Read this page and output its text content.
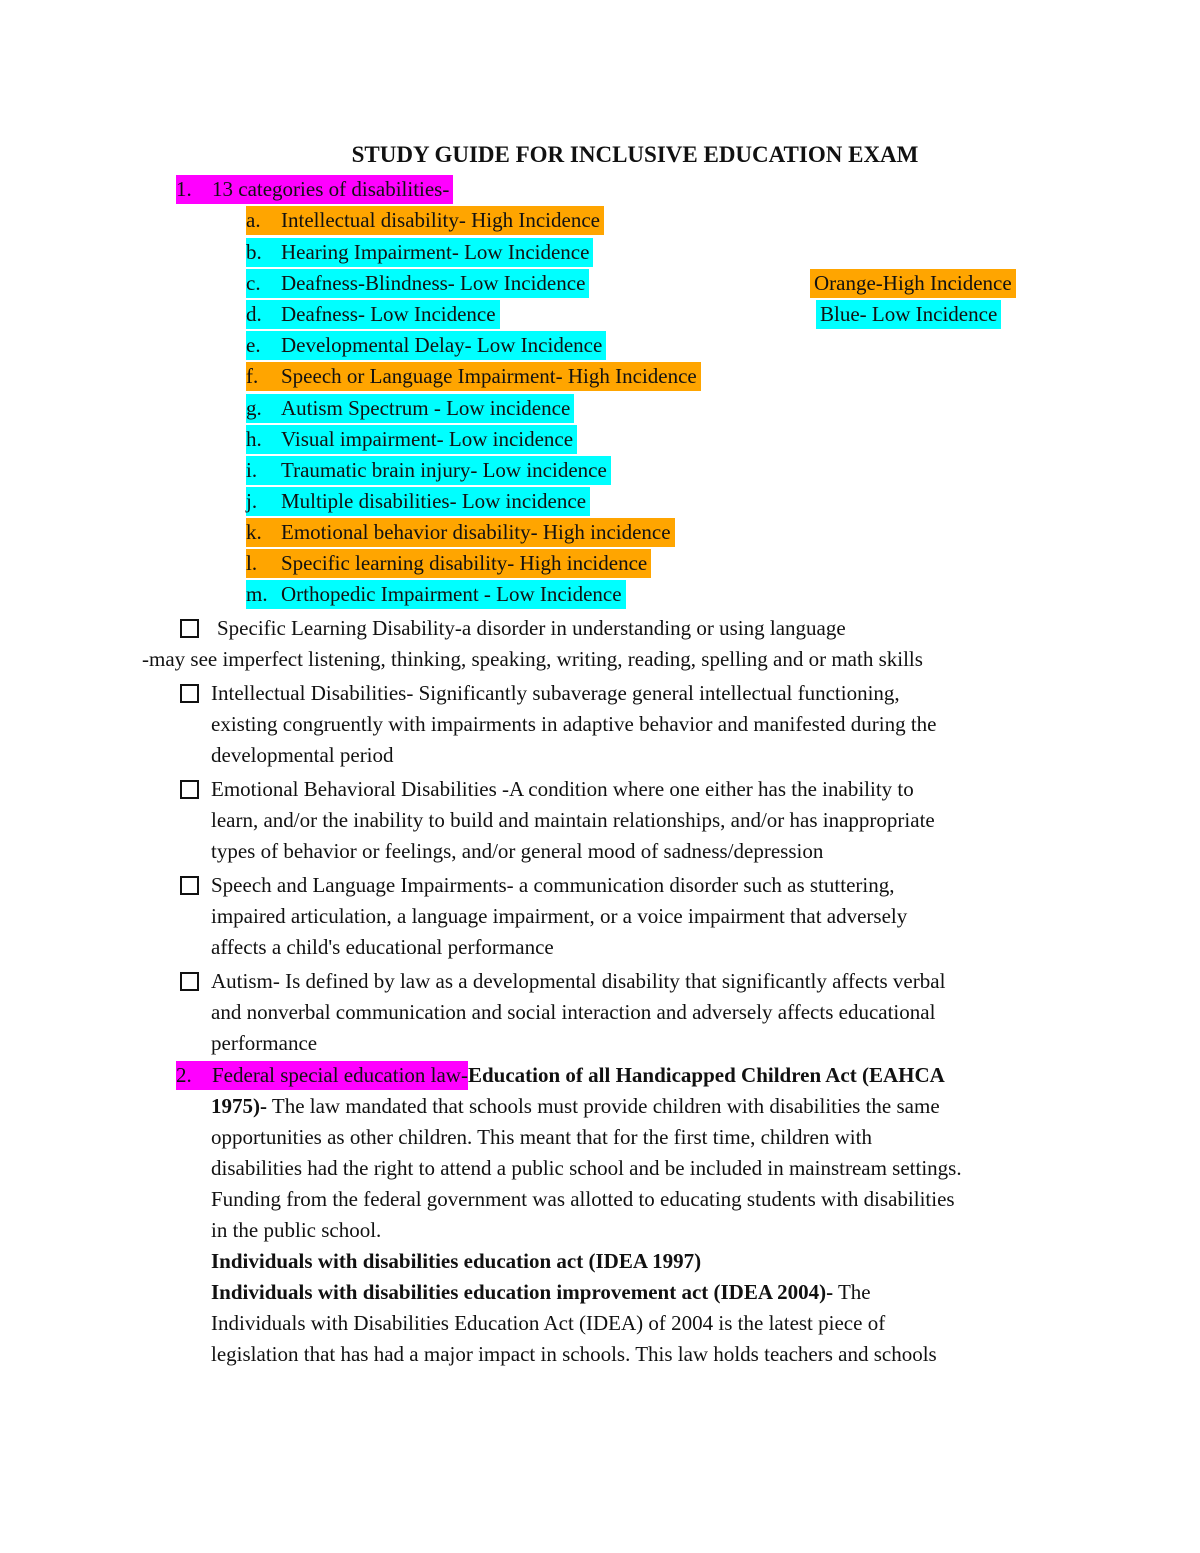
STUDY GUIDE FOR INCLUSIVE EDUCATION EXAM
1. 13 categories of disabilities-
a. Intellectual disability- High Incidence
b. Hearing Impairment- Low Incidence
c. Deafness-Blindness- Low Incidence
d. Deafness- Low Incidence
e. Developmental Delay- Low Incidence
f. Speech or Language Impairment- High Incidence
g. Autism Spectrum - Low incidence
h. Visual impairment- Low incidence
i. Traumatic brain injury- Low incidence
j. Multiple disabilities- Low incidence
k. Emotional behavior disability- High incidence
l. Specific learning disability- High incidence
m. Orthopedic Impairment - Low Incidence
Orange-High Incidence
Blue- Low Incidence
Specific Learning Disability-a disorder in understanding or using language
-may see imperfect listening, thinking, speaking, writing, reading, spelling and or math skills
Intellectual Disabilities- Significantly subaverage general intellectual functioning,
existing congruently with impairments in adaptive behavior and manifested during the
developmental period
Emotional Behavioral Disabilities -A condition where one either has the inability to
learn, and/or the inability to build and maintain relationships, and/or has inappropriate
types of behavior or feelings, and/or general mood of sadness/depression
Speech and Language Impairments- a communication disorder such as stuttering,
impaired articulation, a language impairment, or a voice impairment that adversely
affects a child's educational performance
Autism- Is defined by law as a developmental disability that significantly affects verbal
and nonverbal communication and social interaction and adversely affects educational
performance
2. Federal special education law-Education of all Handicapped Children Act (EAHCA
1975)- The law mandated that schools must provide children with disabilities the same
opportunities as other children. This meant that for the first time, children with
disabilities had the right to attend a public school and be included in mainstream settings.
Funding from the federal government was allotted to educating students with disabilities
in the public school.
Individuals with disabilities education act (IDEA 1997)
Individuals with disabilities education improvement act (IDEA 2004)- The
Individuals with Disabilities Education Act (IDEA) of 2004 is the latest piece of
legislation that has had a major impact in schools. This law holds teachers and schools
